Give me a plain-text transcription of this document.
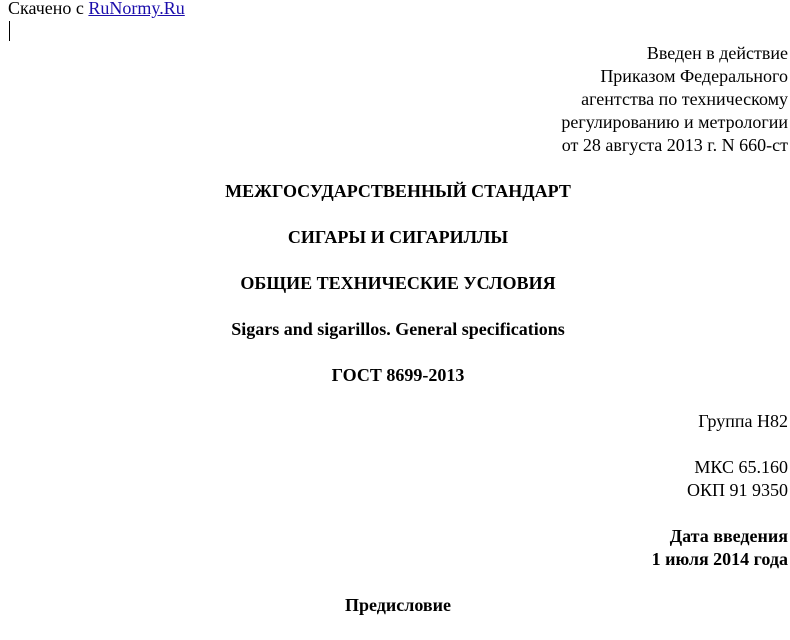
Скачено с RuNormy.Ru
Введен в действие
Приказом Федерального
агентства по техническому
регулированию и метрологии
от 28 августа 2013 г. N 660-ст
МЕЖГОСУДАРСТВЕННЫЙ СТАНДАРТ
СИГАРЫ И СИГАРИЛЛЫ
ОБЩИЕ ТЕХНИЧЕСКИЕ УСЛОВИЯ
Sigars and sigarillos. General specifications
ГОСТ 8699-2013
Группа Н82
МКС 65.160
ОКП 91 9350
Дата введения
1 июля 2014 года
Предисловие
